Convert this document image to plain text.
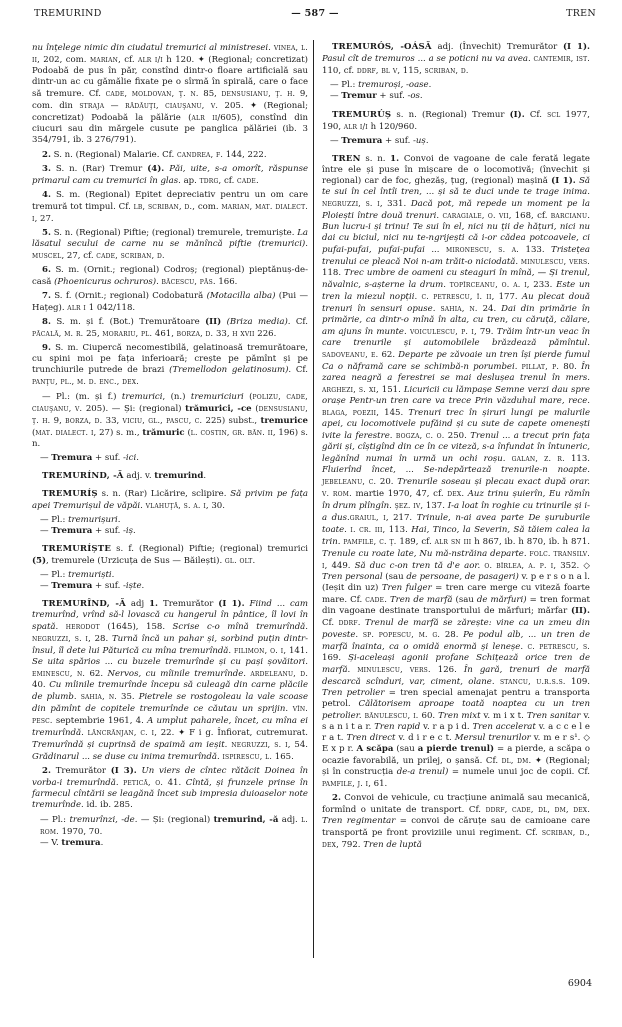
TREMURIND	— 587 —	TREN

nu înțelege nimic din ciudatul tremurici al ministresei. vinea, l. ii, 202, com. marian, cf. alr i/i h 120. ✦ (Regional; concretizat) Podoabă de pus în păr, constînd dintr-o floare artificială sau dintr-un ac cu gămălie fixate pe o sîrmă în spirală, care o face să tremure. Cf. cade, moldovan, ţ. n. 85, densusianu, ţ. h. 9, com. din straja — rădăuţi, ciauşanu, v. 205. ✦ (Regional; concretizat) Podoabă la pălărie (alr ii/605), constînd din ciucuri sau din mărgele cusute pe panglica pălăriei (ib. 3 354/791, ib. 3 276/791).

2. S. n. (Regional) Malarie. Cf. candrea, f. 144, 222.

3. S. n. (Rar) Tremur (4). Păi, uite, s-a omorît, răspunse primarul cam cu tremurici în glas. ap. tdrg, cf. cade.

4. S. m. (Regional) Epitet depreciativ pentru un om care tremură tot timpul. Cf. lb, scriban, d., com. marian, mat. dialect. i, 27.

5. S. n. (Regional) Piftie; (regional) tremurele, tremuriște. La lăsatul secului de carne nu se mănîncă piftie (tremurici). muscel, 27, cf. cade, scriban, d.

6. S. m. (Ornit.; regional) Codroș; (regional) pieptănuș-de-casă (Phoenicurus ochruros). băcescu, păs. 166.

7. S. f. (Ornit.; regional) Codobatură (Motacilla alba) (Pui — Hațeg). alr i 1 042/118.

8. S. m. și f. (Bot.) Tremurătoare (II) (Briza media). Cf. păcală, m. r. 25, morariu, pl. 461, borza, d. 33, h xvii 226.

9. S. m. Ciupercă necomestibilă, gelatinoasă tremurătoare, cu spini moi pe fața inferioară; crește pe pămînt și pe trunchiurile putrede de brazi (Tremellodon gelatinosum). Cf. panţu, pl., m. d. enc., dex.

— Pl.: (m. și f.) tremurici, (n.) tremuriciuri (polizu, cade, ciauşanu, v. 205). — Și: (regional) trămurici, -ce (densusianu, ţ. h. 9, borza, d. 33, viciu, gl., pascu, c. 225) subst., tremurice (mat. dialect. i, 27) s. m., trămuric (l. costin, gr. băn. ii, 196) s. n.

— Tremura + suf. -ici.

TREMURÍND, -Ă adj. v. tremurind.

TREMURÍȘ s. n. (Rar) Licărire, sclipire. Să privim pe fața apei Tremurișul de văpăi. vlahuţă, s. a. i, 30.

— Pl.: tremurișuri.

— Tremura + suf. -iș.

TREMURÍȘTE s. f. (Regional) Piftie; (regional) tremurici (5), tremurele (Urzicuța de Sus — Băilești). gl. olt.

— Pl.: tremuriști.

— Tremura + suf. -iște.

TREMURÎ́ND, -Ă adj 1. Tremurător (I 1). Fiind ... cam tremurînd, vrînd să-l lovască cu hangerul în pântice, îl lovi în spată. herodot (1645), 158. Scrise c-o mînă tremurîndă. negruzzi, s. i, 28. Turnă încă un pahar și, sorbind puțin dintr-însul, îl dete lui Păturică cu mîna tremurîndă. filimon, o. i, 141. Se uita spărios ... cu buzele tremurînde și cu pași șovăitori. eminescu, n. 62. Nervos, cu mîinile tremurînde. ardeleanu, d. 40. Cu mîinile tremurînde începu să culeagă din carne plăcile de plumb. sahia, n. 35. Pietrele se rostogoleau la vale scoase din pămînt de copitele tremurînde ce căutau un sprijin. vîn. pesc. septembrie 1961, 4. A umplut paharele, încet, cu mîna ei tremurîndă. lăncrănjan, c. i, 22. ✦ F i g. Înfiorat, cutremurat. Tremurîndă și cuprinsă de spaimă am ieșit. negruzzi, s. i, 54. Grădinarul ... se duse cu inima tremurîndă. ispirescu, l. 165.

2. Tremurător (I 3). Un viers de cîntec rătăcit Doinea în vorba-i tremurîndă. petică, o. 41. Cîntă, și frunzele prinse în farmecul cîntării se leagănă încet sub impresia duioaselor note tremurînde. id. ib. 285.

— Pl.: tremurînzi, -de. — Și: (regional) tremurind, -ă adj. l. rom. 1970, 70.

— V. tremura.

TREMURÓS, -OÁSĂ adj. (Învechit) Tremurător (I 1). Pasul cît de tremuros ... a se poticni nu va avea. cantemir, ist. 110, cf. ddrf, bl v, 115, scriban, d.

— Pl.: tremuroși, -oase.

— Tremur + suf. -os.

TREMURÚȘ s. n. (Regional) Tremur (I). Cf. scl 1977, 190, alr i/i h 120/960.

— Tremura + suf. -uș.

TREN s. n. 1. Convoi de vagoane de cale ferată legate între ele și puse în mișcare de o locomotivă; (învechit și regional) car de foc, ghezăș, țug, (regional) mașină (I 1). Să te sui în cel întîi tren, ... și să te duci unde te trage inima. negruzzi, s. i, 331. Dacă pot, mă repede un moment pe la Ploiești între două trenuri. caragiale, o. vii, 168, cf. barcianu. Bun lucru-i și trinu! Te sui în el, nici nu ții de hățuri, nici nu dai cu biciul, nici nu te-ngrijești că i-or cădea potcoavele, ci pufai-pufai, pufai-pufai ... mironescu, s. a. 133. Tristețea trenului ce pleacă Noi n-am trăit-o niciodată. minulescu, vers. 118. Trec umbre de oameni cu steaguri în mînă, — Și trenul, năvalnic, s-așterne la drum. topîrceanu, o. a. i, 233. Este un tren la miezul nopții. c. petrescu, î. ii, 177. Au plecat două trenuri în sensuri opuse. sahia, n. 24. Dai din primărie în primărie, ca dintr-o mînă în alta, cu tren, cu căruță, călare, am ajuns în munte. voiculescu, p. i, 79. Trăim într-un veac în care trenurile și automobilele brăzdează pămîntul. sadoveanu, e. 62. Departe pe zăvoaie un tren își pierde fumul Ca o năframă care se schimbă-n porumbei. pillat, p. 80. În zarea neagră a ferestrei se mai deslușea trenul în mers. arghezi, s. xi, 151. Licuricii cu lămpașe Semne verzi dau spre orașe Pentr-un tren care va trece Prin văzduhul mare, rece. blaga, poezii, 145. Trenuri trec în șiruri lungi pe malurile apei, cu locomotivele pufăind și cu sute de capete omenești ivite la ferestre. bogza, c. o. 250. Trenul ... a trecut prin fața gării și, cîștigînd din ce în ce viteză, s-a înfundat în întuneric, legănînd numai în urmă un ochi roșu. galan, z. r. 113. Fluierînd încet, ... Se-ndepărtează trenurile-n noapte. jebeleanu, c. 20. Trenurile soseau și plecau exact după orar. v. rom. martie 1970, 47, cf. dex. Auz trinu șuierîn, Eu rămîn în drum plîngîn. şez. iv, 137. I-a loat în roghie cu trinurile și i-a dus.graiul, i, 217. Trinule, n-ai avea parte De șuruburile toate. i. cr. iii, 113. Hai, Tinco, la Severin, Să tăiem calea la trin. pamfile, c. ţ. 189, cf. alr sn iii h 867, ib. h 870, ib. h 871. Trenule cu roate late, Nu mă-nstrăina departe. folc. transilv. i, 449. Să duc c-on tren tă d'e aor. o. bîrlea, a. p. i, 352. ◇ Tren personal (sau de persoane, de pasageri) v. p e r s o n a l. (Ieșit din uz) Tren fulger = tren care merge cu viteză foarte mare. Cf. cade. Tren de marfă (sau de mărfuri) = tren format din vagoane destinate transportului de mărfuri; mărfar (II). Cf. ddrf. Trenul de marfă se zărește: vine ca un zmeu din poveste. sp. popescu, m. g. 28. Pe podul alb, ... un tren de marfă înainta, ca o omidă enormă și leneșe. c. petrescu, s. 169. Și-aceleași agonii profane Schițează orice tren de marfă. minulescu, vers. 126. În gară, trenuri de marfă descarcă scînduri, var, ciment, olane. stancu, u.r.s.s. 109. Tren petrolier = tren special amenajat pentru a transporta petrol. Călătorisem aproape toată noaptea cu un tren petrolier. bănulescu, i. 60. Tren mixt v. m i x t. Tren sanitar v. s a n i t a r. Tren rapid v. r a p i d. Tren accelerat v. a c c e l e r a t. Tren direct v. d i r e c t. Mersul trenurilor v. m e r s¹. ◇ E x p r. A scăpa (sau a pierde trenul) = a pierde, a scăpa o ocazie favorabilă, un prilej, o șansă. Cf. dl, dm. ✦ (Regional; și în construcția de-a trenul) = numele unui joc de copii. Cf. pamfile, j. i, 61.

2. Convoi de vehicule, cu tracțiune animală sau mecanică, formînd o unitate de transport. Cf. ddrf, cade, dl, dm, dex. Tren regimentar = convoi de căruțe sau de camioane care transportă pe front proviziile unui regiment. Cf. scriban, d., dex, 792. Tren de luptă

6904
